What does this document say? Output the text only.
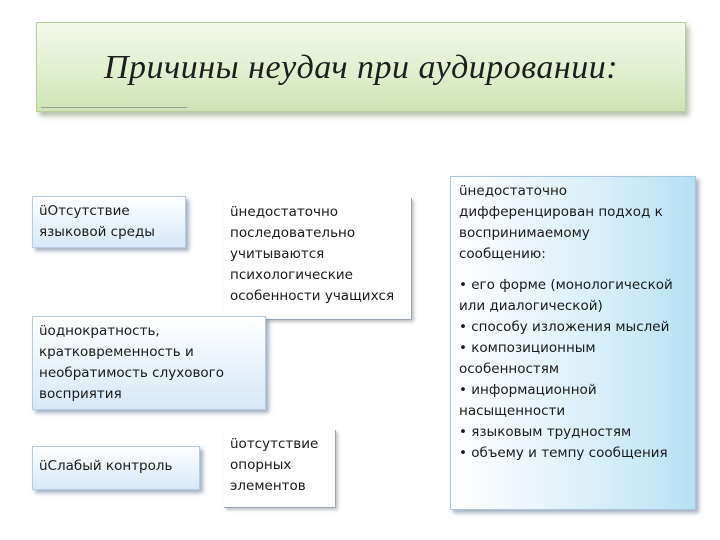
Причины неудач при аудировании:
üОтсутствие
языковой среды
üнедостаточно
последовательно
учитываются
психологические
особенности учащихся
üоднократность,
кратковременность и
необратимость слухового
восприятия
üСлабый контроль
üотсутствие
опорных
элементов
üнедостаточно
дифференцирован подход к
воспринимаемому
сообщению:
• его форме (монологической
или диалогической)
• способу изложения мыслей
• композиционным
особенностям
• информационной
насыщенности
• языковым трудностям
• объему и темпу сообщения
